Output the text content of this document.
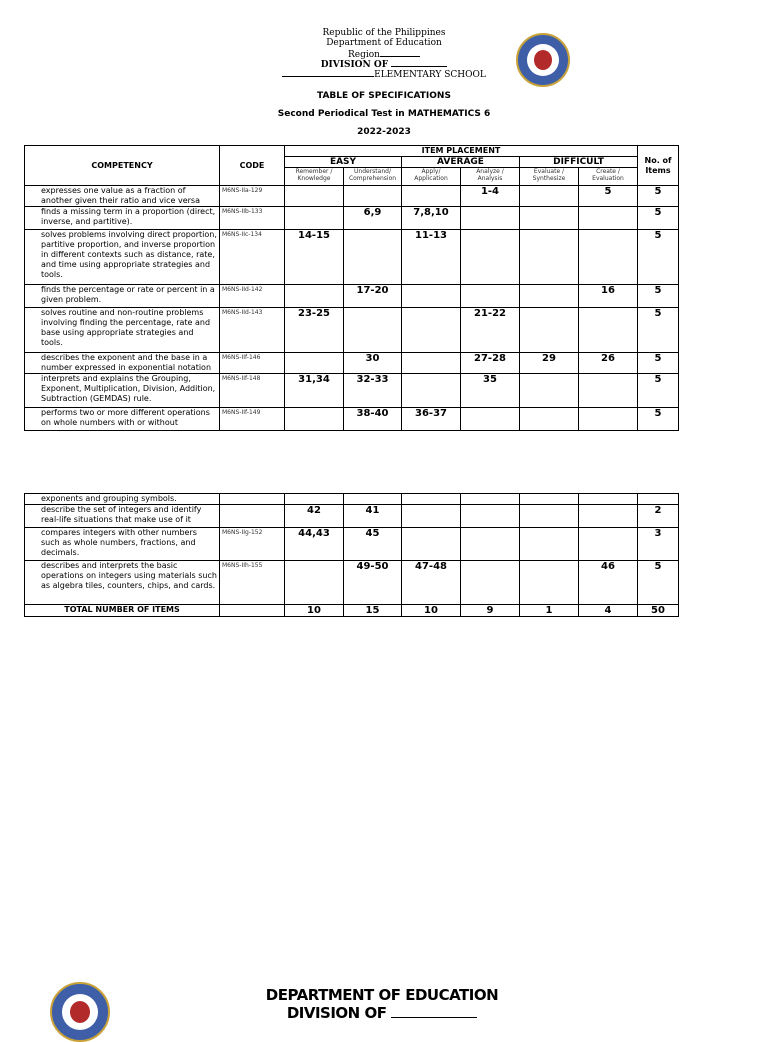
Republic of the Philippines
Department of Education
Region
DIVISION OF
ELEMENTARY SCHOOL
TABLE OF SPECIFICATIONS
Second Periodical Test in MATHEMATICS 6
2022-2023
COMPETENCY	CODE	ITEM PLACEMENT						No. of Items
		EASY		AVERAGE		DIFFICULT		
		Remember / Knowledge	Understand/ Comprehension	Apply/ Application	Analyze / Analysis	Evaluate / Synthesize	Create / Evaluation	
expresses one value as a fraction of another given their ratio and vice versa	M6NS-IIa-129				1-4		5	5
finds a missing term in a proportion (direct, inverse, and partitive).	M6NS-IIb-133		6,9	7,8,10				5
solves problems involving direct proportion, partitive proportion, and inverse proportion in different contexts such as distance, rate, and time using appropriate strategies and tools.	M6NS-IIc-134	14-15		11-13				5
finds the percentage or rate or percent in a given problem.	M6NS-IId-142		17-20				16	5
solves routine and non-routine problems involving finding the percentage, rate and base using appropriate strategies and tools.	M6NS-IId-143	23-25			21-22			5
describes the exponent and the base in a number expressed in exponential notation	M6NS-IIf-146		30		27-28	29	26	5
interprets and explains the Grouping, Exponent, Multiplication, Division, Addition, Subtraction (GEMDAS) rule.	M6NS-IIf-148	31,34	32-33		35			5
performs two or more different operations on whole numbers with or without	M6NS-IIf-149		38-40	36-37				5
exponents and grouping symbols.								
describe the set of integers and identify real-life situations that make use of it		42	41					2
compares integers with other numbers such as whole numbers, fractions, and decimals.	M6NS-IIg-152	44,43	45					3
describes and interprets the basic operations on integers using materials such as algebra tiles, counters, chips, and cards.	M6NS-IIh-155		49-50	47-48			46	5
TOTAL NUMBER OF ITEMS		10	15	10	9	1	4	50
DEPARTMENT OF EDUCATION
DIVISION OF
